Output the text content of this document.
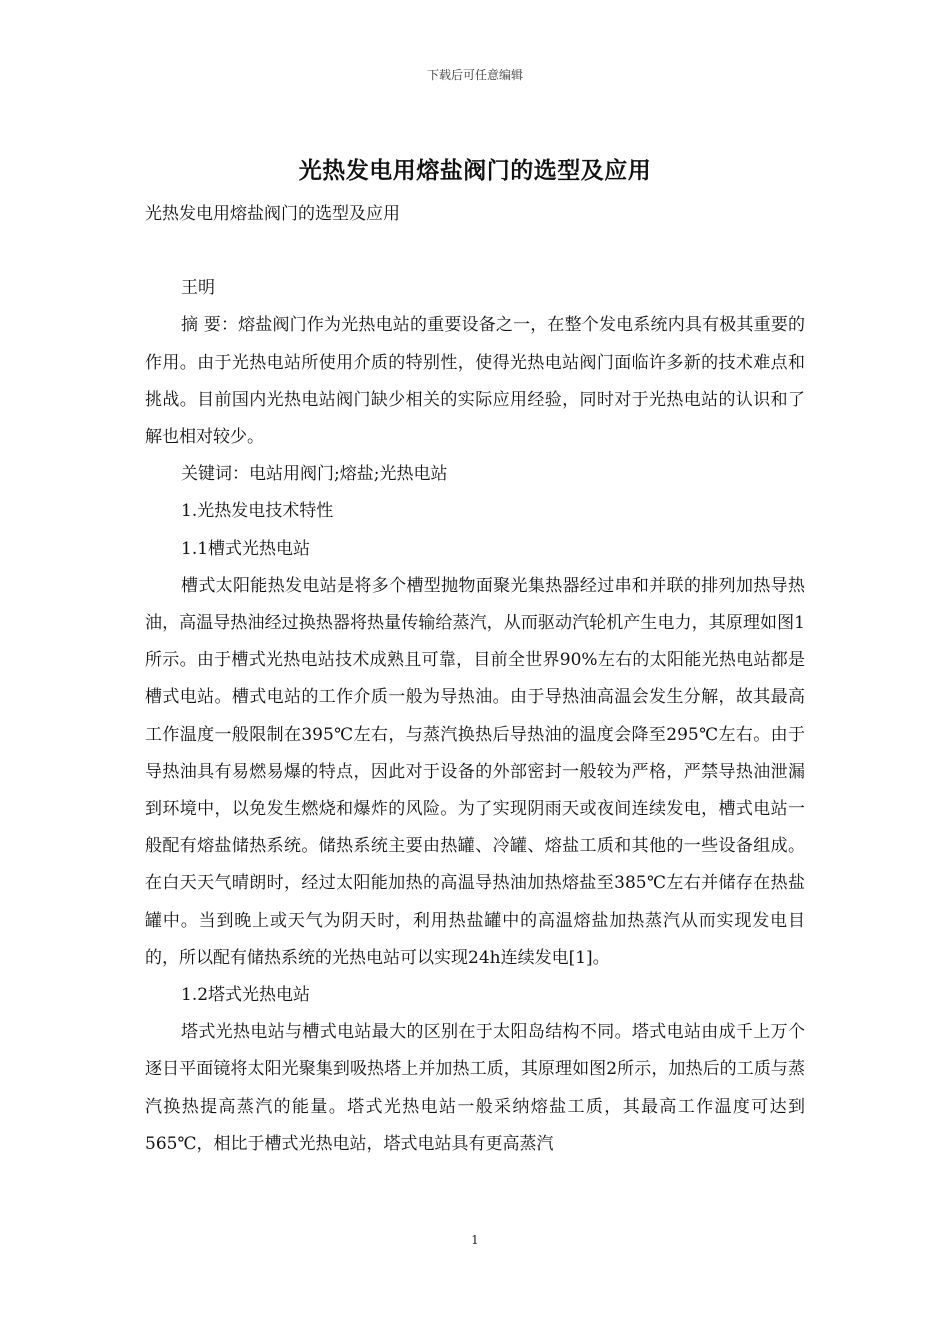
下载后可任意编辑
光热发电用熔盐阀门的选型及应用

光热发电用熔盐阀门的选型及应用

王明

摘 要：熔盐阀门作为光热电站的重要设备之一，在整个发电系统内具有极其重要的作用。由于光热电站所使用介质的特别性，使得光热电站阀门面临许多新的技术难点和挑战。目前国内光热电站阀门缺少相关的实际应用经验，同时对于光热电站的认识和了解也相对较少。

关键词：电站用阀门;熔盐;光热电站

1.光热发电技术特性

1.1槽式光热电站

槽式太阳能热发电站是将多个槽型抛物面聚光集热器经过串和并联的排列加热导热油，高温导热油经过换热器将热量传输给蒸汽，从而驱动汽轮机产生电力，其原理如图1所示。由于槽式光热电站技术成熟且可靠，目前全世界90%左右的太阳能光热电站都是槽式电站。槽式电站的工作介质一般为导热油。由于导热油高温会发生分解，故其最高工作温度一般限制在395℃左右，与蒸汽换热后导热油的温度会降至295℃左右。由于导热油具有易燃易爆的特点，因此对于设备的外部密封一般较为严格，严禁导热油泄漏到环境中，以免发生燃烧和爆炸的风险。为了实现阴雨天或夜间连续发电，槽式电站一般配有熔盐储热系统。储热系统主要由热罐、冷罐、熔盐工质和其他的一些设备组成。在白天天气晴朗时，经过太阳能加热的高温导热油加热熔盐至385℃左右并储存在热盐罐中。当到晚上或天气为阴天时，利用热盐罐中的高温熔盐加热蒸汽从而实现发电目的，所以配有储热系统的光热电站可以实现24h连续发电[1]。

1.2塔式光热电站

塔式光热电站与槽式电站最大的区别在于太阳岛结构不同。塔式电站由成千上万个逐日平面镜将太阳光聚集到吸热塔上并加热工质，其原理如图2所示，加热后的工质与蒸汽换热提高蒸汽的能量。塔式光热电站一般采纳熔盐工质，其最高工作温度可达到565℃，相比于槽式光热电站，塔式电站具有更高蒸汽

1
